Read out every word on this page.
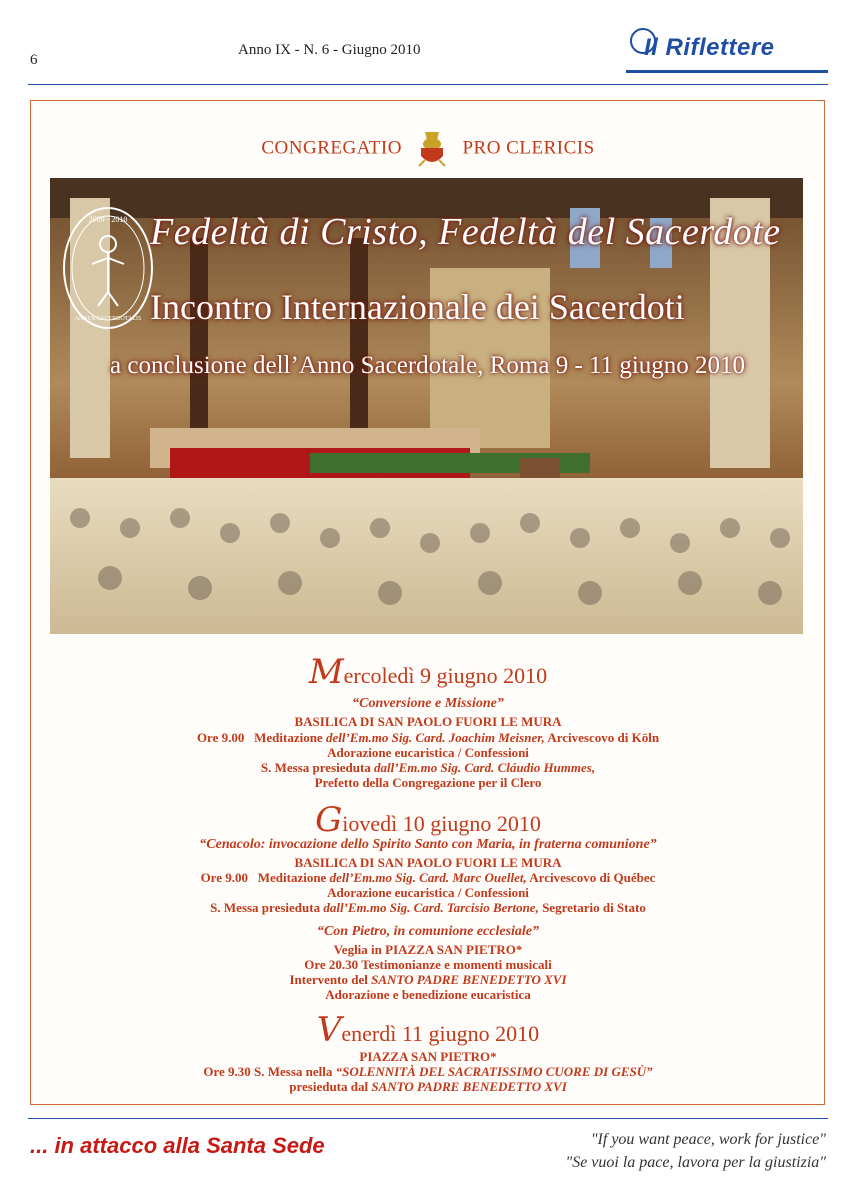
6
Anno IX - N. 6 - Giugno 2010	Il Riflettere
CONGREGATIO	PRO CLERICIS
2009 - 2010
ANNUS SACERDOTALIS
Fedeltà di Cristo, Fedeltà del Sacerdote
Incontro Internazionale dei Sacerdoti
a conclusione dell’Anno Sacerdotale, Roma 9 - 11 giugno 2010
Mercoledì 9 giugno 2010
“Conversione e Missione”
BASILICA DI SAN PAOLO FUORI LE MURA
Ore 9.00 Meditazione dell’Em.mo Sig. Card. Joachim Meisner, Arcivescovo di Köln
Adorazione eucaristica / Confessioni
S. Messa presieduta dall’Em.mo Sig. Card. Cláudio Hummes,
Prefetto della Congregazione per il Clero
Giovedì 10 giugno 2010
“Cenacolo: invocazione dello Spirito Santo con Maria, in fraterna comunione”
BASILICA DI SAN PAOLO FUORI LE MURA
Ore 9.00 Meditazione dell’Em.mo Sig. Card. Marc Ouellet, Arcivescovo di Québec
Adorazione eucaristica / Confessioni
S. Messa presieduta dall’Em.mo Sig. Card. Tarcisio Bertone, Segretario di Stato
“Con Pietro, in comunione ecclesiale”
Veglia in PIAZZA SAN PIETRO*
Ore 20.30 Testimonianze e momenti musicali
Intervento del SANTO PADRE BENEDETTO XVI
Adorazione e benedizione eucaristica
Venerdì 11 giugno 2010
PIAZZA SAN PIETRO*
Ore 9.30 S. Messa nella “SOLENNITÀ DEL SACRATISSIMO CUORE DI GESÙ”
presieduta dal SANTO PADRE BENEDETTO XVI
... in attacco alla Santa Sede	"If you want peace, work for justice"
"Se vuoi la pace, lavora per la giustizia"
